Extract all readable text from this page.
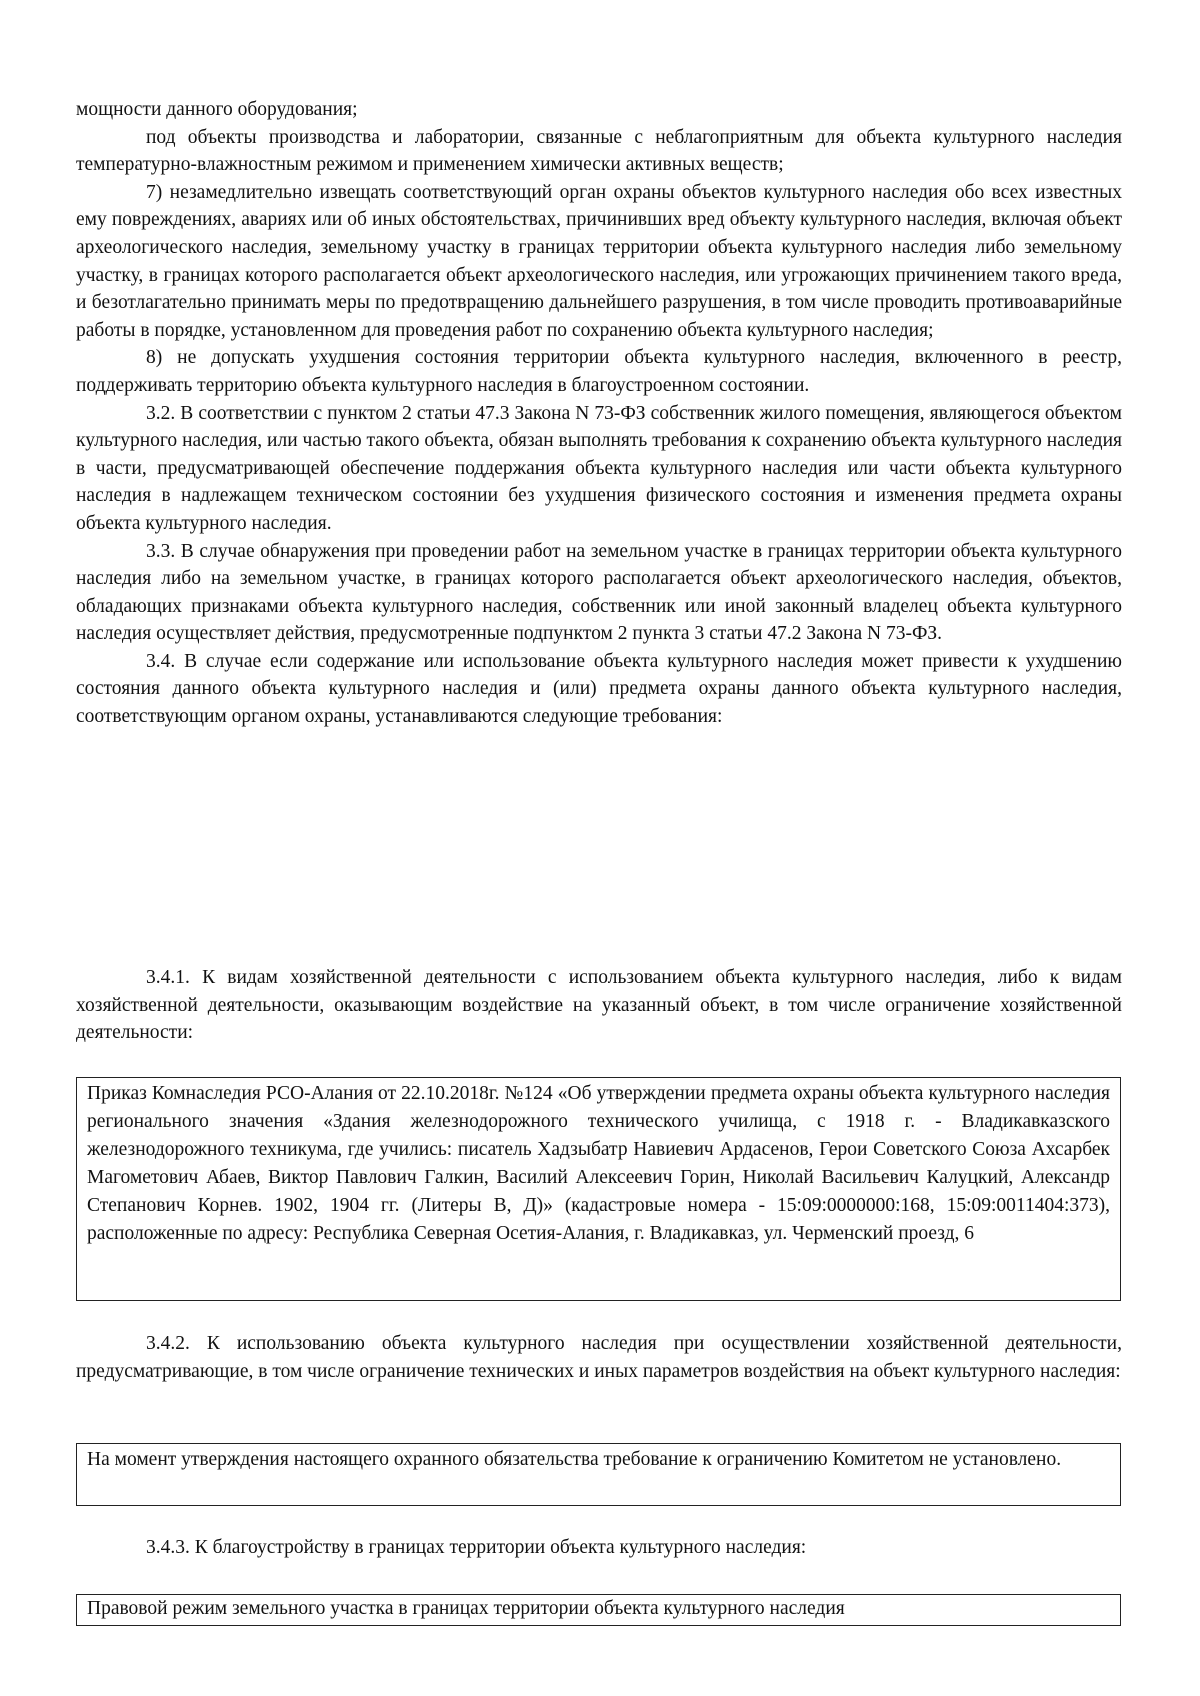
мощности данного оборудования;

под объекты производства и лаборатории, связанные с неблагоприятным для объекта культурного наследия температурно-влажностным режимом и применением химически активных веществ;

7) незамедлительно извещать соответствующий орган охраны объектов культурного наследия обо всех известных ему повреждениях, авариях или об иных обстоятельствах, причинивших вред объекту культурного наследия, включая объект археологического наследия, земельному участку в границах территории объекта культурного наследия либо земельному участку, в границах которого располагается объект археологического наследия, или угрожающих причинением такого вреда, и безотлагательно принимать меры по предотвращению дальнейшего разрушения, в том числе проводить противоаварийные работы в порядке, установленном для проведения работ по сохранению объекта культурного наследия;

8) не допускать ухудшения состояния территории объекта культурного наследия, включенного в реестр, поддерживать территорию объекта культурного наследия в благоустроенном состоянии.

3.2. В соответствии с пунктом 2 статьи 47.3 Закона N 73-ФЗ собственник жилого помещения, являющегося объектом культурного наследия, или частью такого объекта, обязан выполнять требования к сохранению объекта культурного наследия в части, предусматривающей обеспечение поддержания объекта культурного наследия или части объекта культурного наследия в надлежащем техническом состоянии без ухудшения физического состояния и изменения предмета охраны объекта культурного наследия.

3.3. В случае обнаружения при проведении работ на земельном участке в границах территории объекта культурного наследия либо на земельном участке, в границах которого располагается объект археологического наследия, объектов, обладающих признаками объекта культурного наследия, собственник или иной законный владелец объекта культурного наследия осуществляет действия, предусмотренные подпунктом 2 пункта 3 статьи 47.2 Закона N 73-ФЗ.

3.4. В случае если содержание или использование объекта культурного наследия может привести к ухудшению состояния данного объекта культурного наследия и (или) предмета охраны данного объекта культурного наследия, соответствующим органом охраны, устанавливаются следующие требования:

3.4.1. К видам хозяйственной деятельности с использованием объекта культурного наследия, либо к видам хозяйственной деятельности, оказывающим воздействие на указанный объект, в том числе ограничение хозяйственной деятельности:

Приказ Комнаследия РСО-Алания от 22.10.2018г. №124 «Об утверждении предмета охраны объекта культурного наследия регионального значения «Здания железнодорожного технического училища, с 1918 г. - Владикавказского железнодорожного техникума, где учились: писатель Хадзыбатр Навиевич Ардасенов, Герои Советского Союза Ахсарбек Магометович Абаев, Виктор Павлович Галкин, Василий Алексеевич Горин, Николай Васильевич Калуцкий, Александр Степанович Корнев. 1902, 1904 гг. (Литеры В, Д)» (кадастровые номера - 15:09:0000000:168, 15:09:0011404:373), расположенные по адресу: Республика Северная Осетия-Алания, г. Владикавказ, ул. Черменский проезд, 6

3.4.2. К использованию объекта культурного наследия при осуществлении хозяйственной деятельности, предусматривающие, в том числе ограничение технических и иных параметров воздействия на объект культурного наследия:

На момент утверждения настоящего охранного обязательства требование к ограничению Комитетом не установлено.

3.4.3. К благоустройству в границах территории объекта культурного наследия:

Правовой режим земельного участка в границах территории объекта культурного наследия
